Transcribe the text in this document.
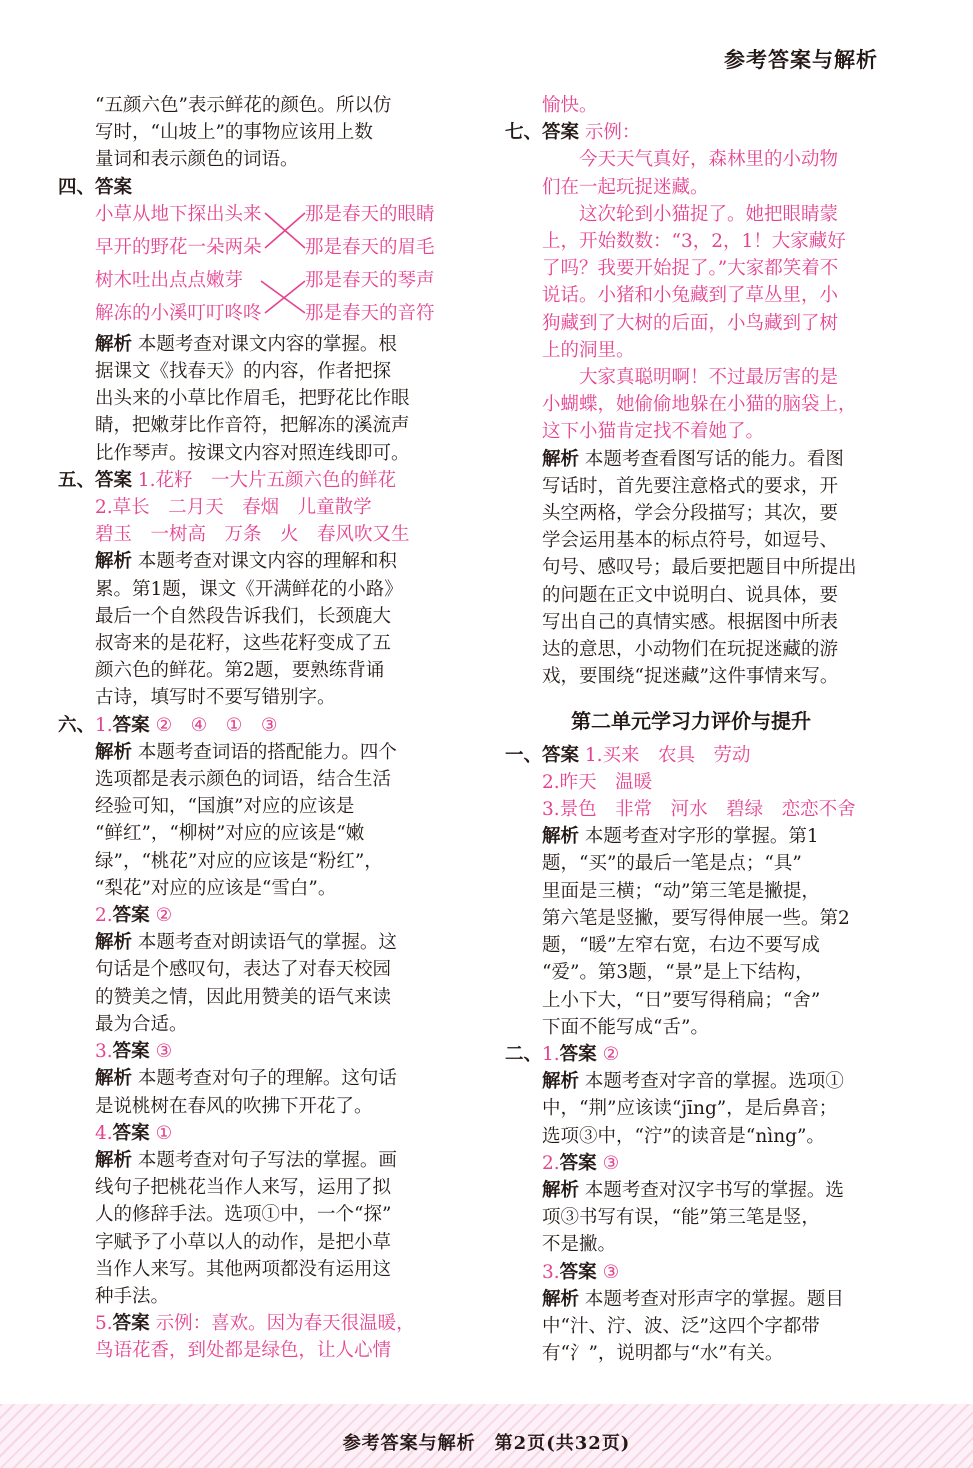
参考答案与解析
“五颜六色”表示鲜花的颜色。所以仿
写时，“山坡上”的事物应该用上数
量词和表示颜色的词语。
四、答案
小草从地下探出头来
早开的野花一朵两朵
树木吐出点点嫩芽
解冻的小溪叮叮咚咚
那是春天的眼睛
那是春天的眉毛
那是春天的琴声
那是春天的音符
解析 本题考查对课文内容的掌握。根
据课文《找春天》的内容，作者把探
出头来的小草比作眉毛，把野花比作眼
睛，把嫩芽比作音符，把解冻的溪流声
比作琴声。按课文内容对照连线即可。
五、答案 1.花籽　一大片五颜六色的鲜花
2.草长　二月天　春烟　儿童散学
碧玉　一树高　万条　火　春风吹又生
解析 本题考查对课文内容的理解和积
累。第1题，课文《开满鲜花的小路》
最后一个自然段告诉我们，长颈鹿大
叔寄来的是花籽，这些花籽变成了五
颜六色的鲜花。第2题，要熟练背诵
古诗，填写时不要写错别字。
六、1.答案 ②　④　①　③
解析 本题考查词语的搭配能力。四个
选项都是表示颜色的词语，结合生活
经验可知，“国旗”对应的应该是
“鲜红”，“柳树”对应的应该是“嫩
绿”，“桃花”对应的应该是“粉红”，
“梨花”对应的应该是“雪白”。
2.答案 ②
解析 本题考查对朗读语气的掌握。这
句话是个感叹句，表达了对春天校园
的赞美之情，因此用赞美的语气来读
最为合适。
3.答案 ③
解析 本题考查对句子的理解。这句话
是说桃树在春风的吹拂下开花了。
4.答案 ①
解析 本题考查对句子写法的掌握。画
线句子把桃花当作人来写，运用了拟
人的修辞手法。选项①中，一个“探”
字赋予了小草以人的动作，是把小草
当作人来写。其他两项都没有运用这
种手法。
5.答案 示例：喜欢。因为春天很温暖，
鸟语花香，到处都是绿色，让人心情
愉快。
七、答案 示例：
今天天气真好，森林里的小动物
们在一起玩捉迷藏。
这次轮到小猫捉了。她把眼睛蒙
上，开始数数：“3，2，1！大家藏好
了吗？我要开始捉了。”大家都笑着不
说话。小猪和小兔藏到了草丛里，小
狗藏到了大树的后面，小鸟藏到了树
上的洞里。
大家真聪明啊！不过最厉害的是
小蝴蝶，她偷偷地躲在小猫的脑袋上，
这下小猫肯定找不着她了。
解析 本题考查看图写话的能力。看图
写话时，首先要注意格式的要求，开
头空两格，学会分段描写；其次，要
学会运用基本的标点符号，如逗号、
句号、感叹号；最后要把题目中所提出
的问题在正文中说明白、说具体，要
写出自己的真情实感。根据图中所表
达的意思，小动物们在玩捉迷藏的游
戏，要围绕“捉迷藏”这件事情来写。
第二单元学习力评价与提升
一、答案 1.买来　农具　劳动
2.昨天　温暖
3.景色　非常　河水　碧绿　恋恋不舍
解析 本题考查对字形的掌握。第1
题，“买”的最后一笔是点；“具”
里面是三横；“动”第三笔是撇提，
第六笔是竖撇，要写得伸展一些。第2
题，“暖”左窄右宽，右边不要写成
“爱”。第3题，“景”是上下结构，
上小下大，“日”要写得稍扁；“舍”
下面不能写成“舌”。
二、1.答案 ②
解析 本题考查对字音的掌握。选项①
中，“荆”应该读“jīng”，是后鼻音；
选项③中，“泞”的读音是“nìng”。
2.答案 ③
解析 本题考查对汉字书写的掌握。选
项③书写有误，“能”第三笔是竖，
不是撇。
3.答案 ③
解析 本题考查对形声字的掌握。题目
中“汁、泞、波、泛”这四个字都带
有“氵”，说明都与“水”有关。
参考答案与解析　第2页(共32页)
